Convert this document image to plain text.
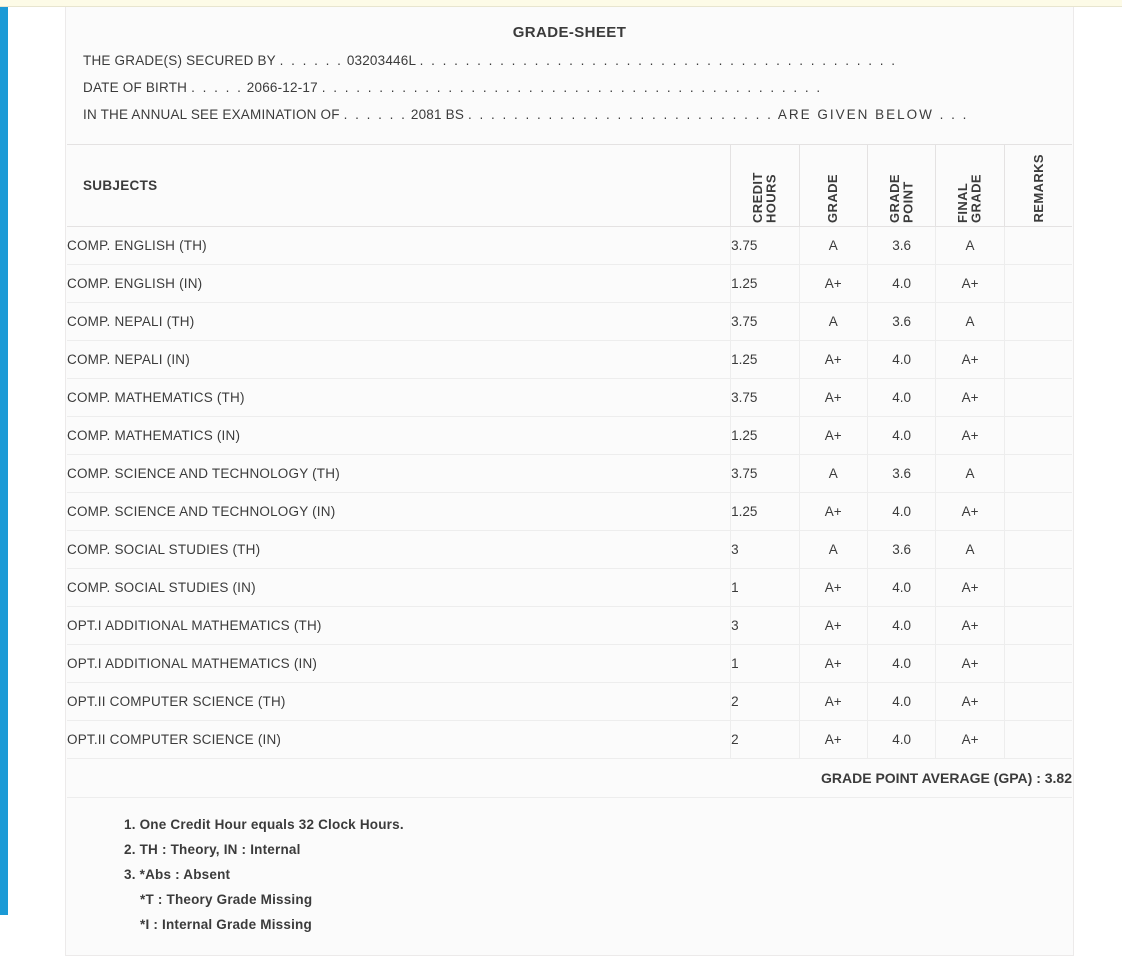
GRADE-SHEET
THE GRADE(S) SECURED BY . . . . . . 03203446L . . . . . . . . . . . . . . . . . . . . . . . . . . . . . . . . . . . . . . . . . .
DATE OF BIRTH . . . . . 2066-12-17 . . . . . . . . . . . . . . . . . . . . . . . . . . . . . . . . . . . . . . . . . . . .
IN THE ANNUAL SEE EXAMINATION OF . . . . . . 2081 BS . . . . . . . . . . . . . . . . . . . . . . . . . . . ARE GIVEN BELOW . . .
SUBJECTS	CREDIT HOURS	GRADE	GRADE POINT	FINAL GRADE	REMARKS
COMP. ENGLISH (TH)	3.75	A	3.6	A	
COMP. ENGLISH (IN)	1.25	A+	4.0	A+	
COMP. NEPALI (TH)	3.75	A	3.6	A	
COMP. NEPALI (IN)	1.25	A+	4.0	A+	
COMP. MATHEMATICS (TH)	3.75	A+	4.0	A+	
COMP. MATHEMATICS (IN)	1.25	A+	4.0	A+	
COMP. SCIENCE AND TECHNOLOGY (TH)	3.75	A	3.6	A	
COMP. SCIENCE AND TECHNOLOGY (IN)	1.25	A+	4.0	A+	
COMP. SOCIAL STUDIES (TH)	3	A	3.6	A	
COMP. SOCIAL STUDIES (IN)	1	A+	4.0	A+	
OPT.I ADDITIONAL MATHEMATICS (TH)	3	A+	4.0	A+	
OPT.I ADDITIONAL MATHEMATICS (IN)	1	A+	4.0	A+	
OPT.II COMPUTER SCIENCE (TH)	2	A+	4.0	A+	
OPT.II COMPUTER SCIENCE (IN)	2	A+	4.0	A+	
GRADE POINT AVERAGE (GPA) : 3.82					
1. One Credit Hour equals 32 Clock Hours.
2. TH : Theory, IN : Internal
3. *Abs : Absent
*T : Theory Grade Missing
*I : Internal Grade Missing
